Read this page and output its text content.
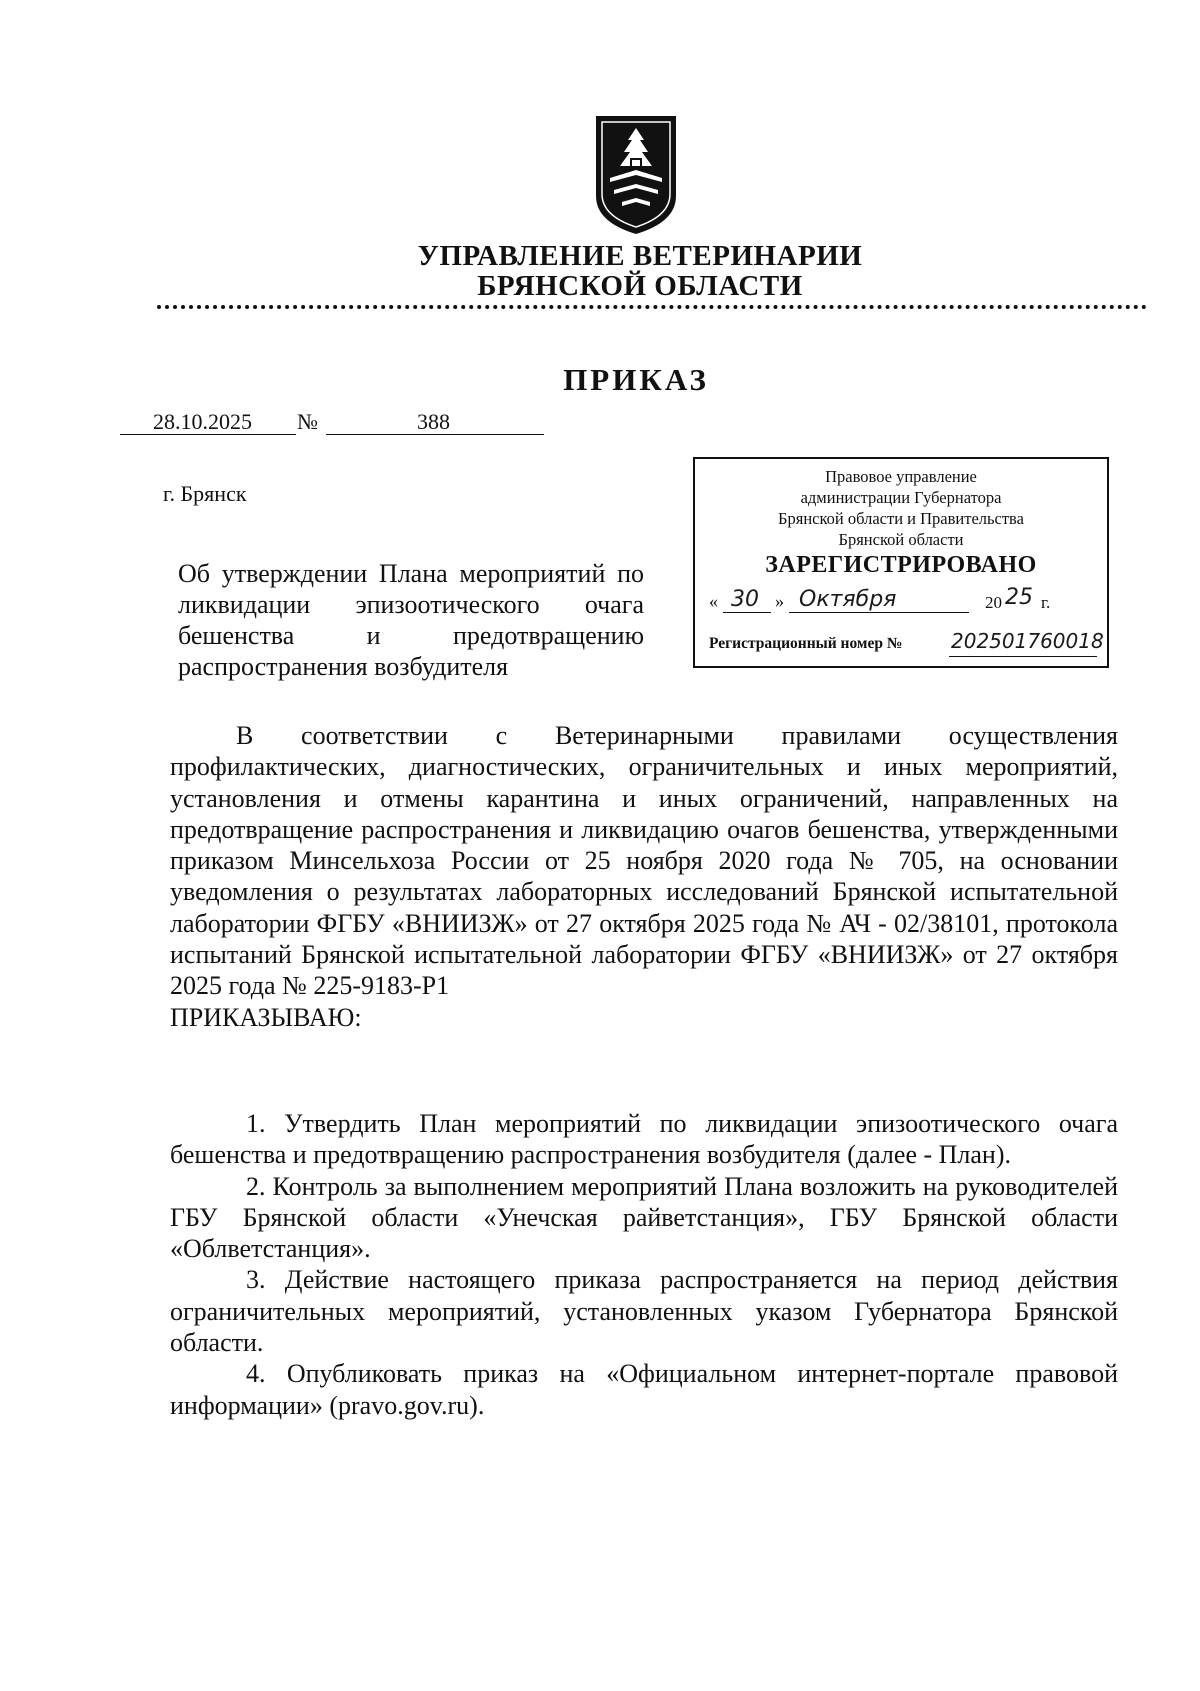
УПРАВЛЕНИЕ ВЕТЕРИНАРИИ
БРЯНСКОЙ ОБЛАСТИ
ПРИКАЗ
28.10.2025 №	388
г. Брянск
Об утверждении Плана мероприятий по ликвидации эпизоотического очага бешенства и предотвращению распространения возбудителя
Правовое управление
администрации Губернатора
Брянской области и Правительства
Брянской области
ЗАРЕГИСТРИРОВАНО
« 30 » Октября	20 25 г.
Регистрационный номер № 202501760018

В соответствии с Ветеринарными правилами осуществления профилактических, диагностических, ограничительных и иных мероприятий, установления и отмены карантина и иных ограничений, направленных на предотвращение распространения и ликвидацию очагов бешенства, утвержденными приказом Минсельхоза России от 25 ноября 2020 года № 705, на основании уведомления о результатах лабораторных исследований Брянской испытательной лаборатории ФГБУ «ВНИИЗЖ» от 27 октября 2025 года № АЧ - 02/38101, протокола испытаний Брянской испытательной лаборатории ФГБУ «ВНИИЗЖ» от 27 октября 2025 года № 225-9183-Р1

ПРИКАЗЫВАЮ:

1. Утвердить План мероприятий по ликвидации эпизоотического очага бешенства и предотвращению распространения возбудителя (далее - План).

2. Контроль за выполнением мероприятий Плана возложить на руководителей ГБУ Брянской области «Унечская райветстанция», ГБУ Брянской области «Облветстанция».

3. Действие настоящего приказа распространяется на период действия ограничительных мероприятий, установленных указом Губернатора Брянской области.

4. Опубликовать приказ на «Официальном интернет-портале правовой информации» (pravo.gov.ru).
